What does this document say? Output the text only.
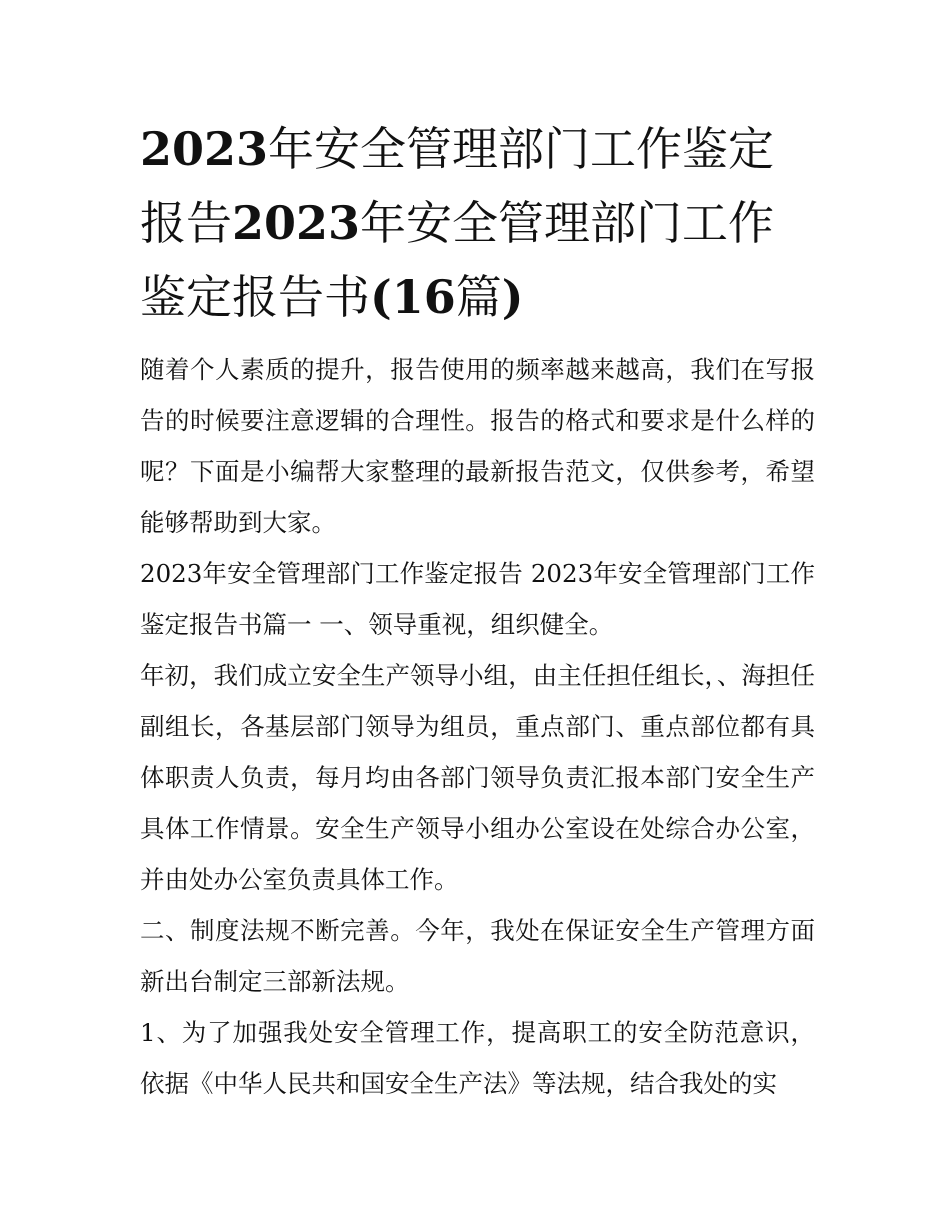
2023年安全管理部门工作鉴定报告2023年安全管理部门工作鉴定报告书(16篇)

随着个人素质的提升，报告使用的频率越来越高，我们在写报告的时候要注意逻辑的合理性。报告的格式和要求是什么样的呢？下面是小编帮大家整理的最新报告范文，仅供参考，希望能够帮助到大家。

2023年安全管理部门工作鉴定报告 2023年安全管理部门工作鉴定报告书篇一 一、领导重视，组织健全。

年初，我们成立安全生产领导小组，由主任担任组长，、海担任副组长，各基层部门领导为组员，重点部门、重点部位都有具体职责人负责，每月均由各部门领导负责汇报本部门安全生产具体工作情景。安全生产领导小组办公室设在处综合办公室，并由处办公室负责具体工作。

二、制度法规不断完善。今年，我处在保证安全生产管理方面新出台制定三部新法规。

1、为了加强我处安全管理工作，提高职工的安全防范意识，依据《中华人民共和国安全生产法》等法规，结合我处的实
